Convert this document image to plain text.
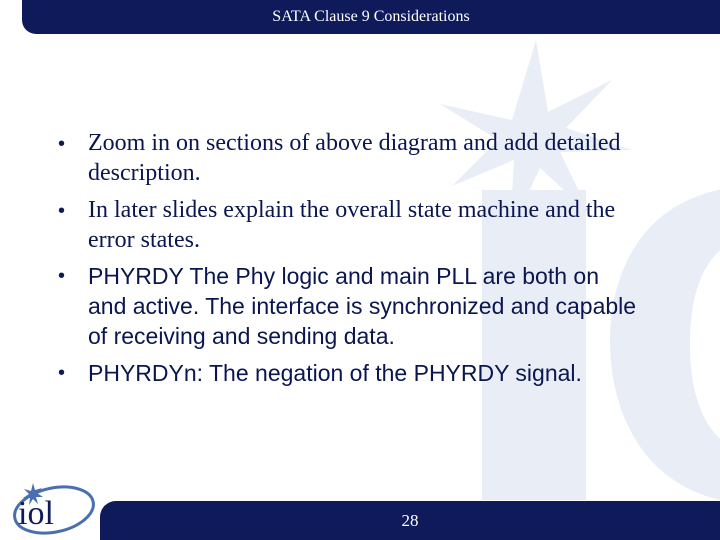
SATA Clause 9 Considerations
• Zoom in on sections of above diagram and add detailed description.
• In later slides explain the overall state machine and the error states.
• PHYRDY The Phy logic and main PLL are both on and active. The interface is synchronized and capable of receiving and sending data.
• PHYRDYn: The negation of the PHYRDY signal.
iol	28
